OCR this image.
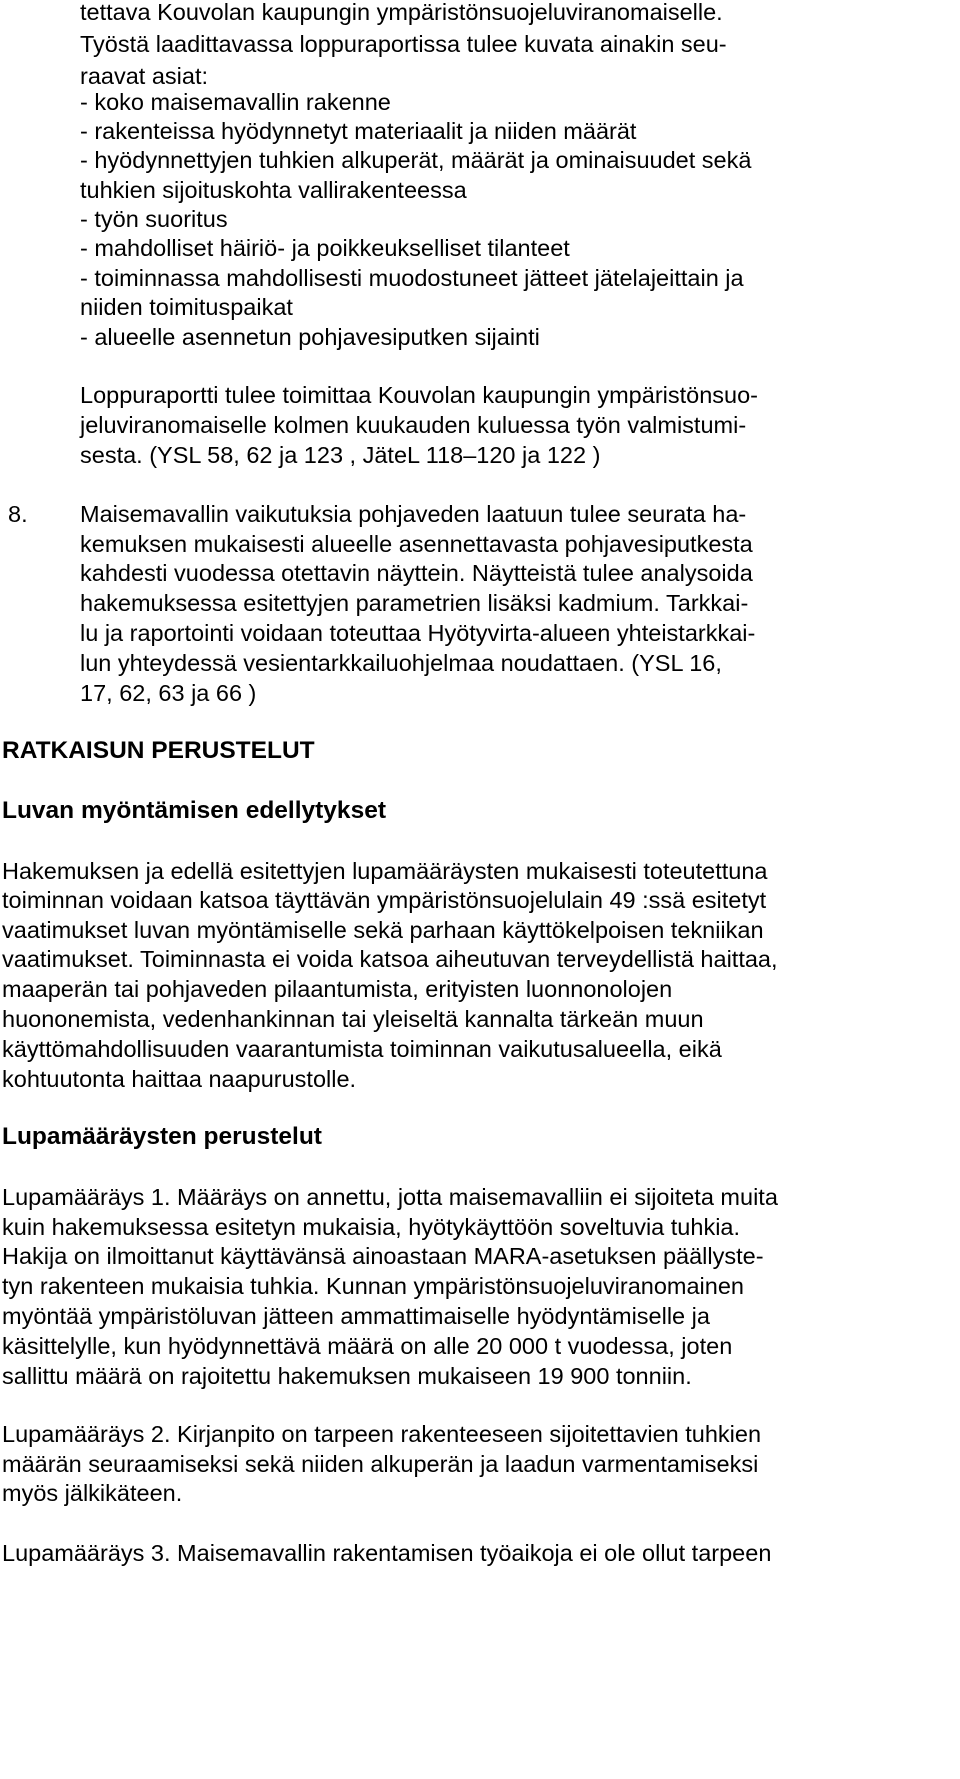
tettava Kouvolan kaupungin ympäristönsuojeluviranomaiselle.
Työstä laadittavassa loppuraportissa tulee kuvata ainakin seu-
raavat asiat:
- koko maisemavallin rakenne
- rakenteissa hyödynnetyt materiaalit ja niiden määrät
- hyödynnettyjen tuhkien alkuperät, määrät ja ominaisuudet sekä
tuhkien sijoituskohta vallirakenteessa
- työn suoritus
- mahdolliset häiriö- ja poikkeukselliset tilanteet
- toiminnassa mahdollisesti muodostuneet jätteet jätelajeittain ja
niiden toimituspaikat
- alueelle asennetun pohjavesiputken sijainti
Loppuraportti tulee toimittaa Kouvolan kaupungin ympäristönsuo-
jeluviranomaiselle kolmen kuukauden kuluessa työn valmistumi-
sesta. (YSL 58, 62 ja 123 , JäteL 118–120 ja 122 )
8. Maisemavallin vaikutuksia pohjaveden laatuun tulee seurata ha-
kemuksen mukaisesti alueelle asennettavasta pohjavesiputkesta
kahdesti vuodessa otettavin näyttein. Näytteistä tulee analysoida
hakemuksessa esitettyjen parametrien lisäksi kadmium. Tarkkai-
lu ja raportointi voidaan toteuttaa Hyötyvirta-alueen yhteistarkkai-
lun yhteydessä vesientarkkailuohjelmaa noudattaen. (YSL 16,
17, 62, 63 ja 66 )
RATKAISUN PERUSTELUT
Luvan myöntämisen edellytykset
Hakemuksen ja edellä esitettyjen lupamääräysten mukaisesti toteutettuna
toiminnan voidaan katsoa täyttävän ympäristönsuojelulain 49 :ssä esitetyt
vaatimukset luvan myöntämiselle sekä parhaan käyttökelpoisen tekniikan
vaatimukset. Toiminnasta ei voida katsoa aiheutuvan terveydellistä haittaa,
maaperän tai pohjaveden pilaantumista, erityisten luonnonolojen
huononemista, vedenhankinnan tai yleiseltä kannalta tärkeän muun
käyttömahdollisuuden vaarantumista toiminnan vaikutusalueella, eikä
kohtuutonta haittaa naapurustolle.
Lupamääräysten perustelut
Lupamääräys 1. Määräys on annettu, jotta maisemavalliin ei sijoiteta muita
kuin hakemuksessa esitetyn mukaisia, hyötykäyttöön soveltuvia tuhkia.
Hakija on ilmoittanut käyttävänsä ainoastaan MARA-asetuksen päällyste-
tyn rakenteen mukaisia tuhkia. Kunnan ympäristönsuojeluviranomainen
myöntää ympäristöluvan jätteen ammattimaiselle hyödyntämiselle ja
käsittelylle, kun hyödynnettävä määrä on alle 20 000 t vuodessa, joten
sallittu määrä on rajoitettu hakemuksen mukaiseen 19 900 tonniin.
Lupamääräys 2. Kirjanpito on tarpeen rakenteeseen sijoitettavien tuhkien
määrän seuraamiseksi sekä niiden alkuperän ja laadun varmentamiseksi
myös jälkikäteen.
Lupamääräys 3. Maisemavallin rakentamisen työaikoja ei ole ollut tarpeen
